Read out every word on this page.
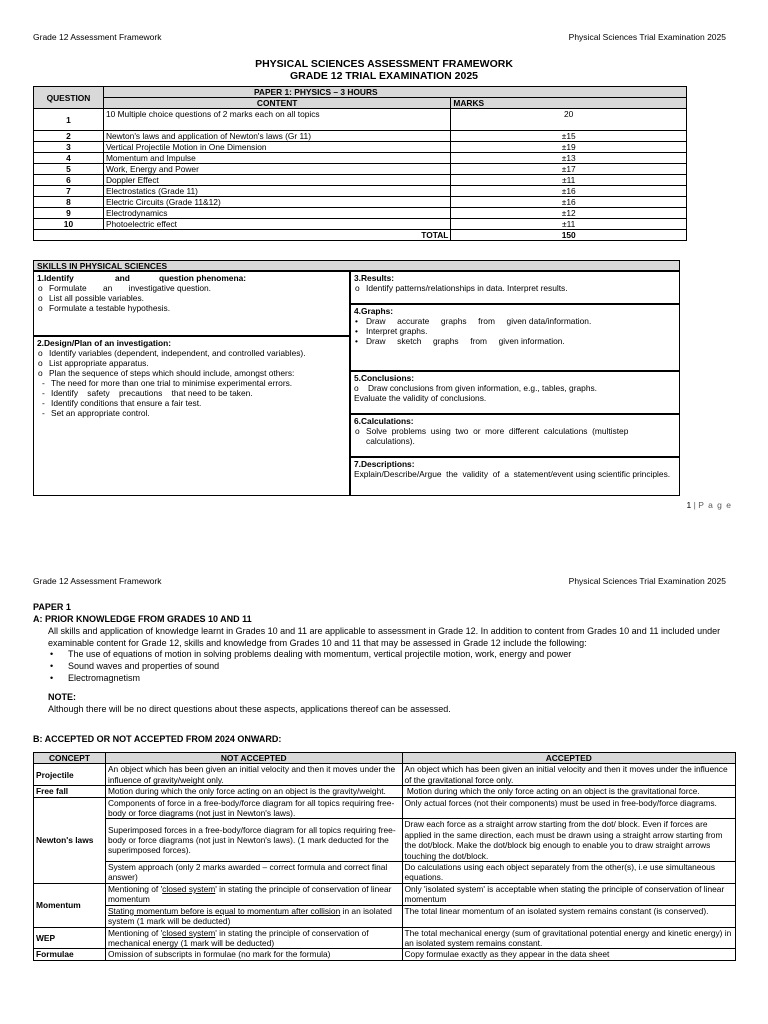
Grade 12 Assessment Framework	Physical Sciences Trial Examination 2025
PHYSICAL SCIENCES ASSESSMENT FRAMEWORK
GRADE 12 TRIAL EXAMINATION 2025
QUESTION	PAPER 1: PHYSICS – 3 HOURS	
	CONTENT	MARKS
1	10 Multiple choice questions of 2 marks each on all topics	20
2	Newton's laws and application of Newton's laws (Gr 11)	±15
3	Vertical Projectile Motion in One Dimension	±19
4	Momentum and Impulse	±13
5	Work, Energy and Power	±17
6	Doppler Effect	±11
7	Electrostatics (Grade 11)	±16
8	Electric Circuits (Grade 11&12)	±16
9	Electrodynamics	±12
10	Photoelectric effect	±11
	TOTAL	150
SKILLS IN PHYSICAL SCIENCES
1.Identify	and	question phenomena:
o Formulate       an       investigative question.
o List all possible variables.
o Formulate a testable hypothesis.
2.Design/Plan of an investigation:
o Identify variables (dependent, independent, and controlled variables).
o List appropriate apparatus.
o Plan the sequence of steps which should include, amongst others:
- The need for more than one trial to minimise experimental errors.
- Identify    safety    precautions    that need to be taken.
- Identify conditions that ensure a fair test.
- Set an appropriate control.
3.Results:
o Identify patterns/relationships in data. Interpret results.
4.Graphs:
• Draw     accurate     graphs     from     given data/information.
• Interpret graphs.
• Draw     sketch     graphs     from     given information.
5.Conclusions:
o    Draw conclusions from given information, e.g., tables, graphs.
Evaluate the validity of conclusions.
6.Calculations:
o Solve  problems  using  two  or  more  different  calculations  (multistep calculations).
7.Descriptions:
Explain/Describe/Argue  the  validity  of  a  statement/event using scientific principles.
1 | P a g e
Grade 12 Assessment Framework	Physical Sciences Trial Examination 2025
PAPER 1
A: PRIOR KNOWLEDGE FROM GRADES 10 AND 11
All skills and application of knowledge learnt in Grades 10 and 11 are applicable to assessment in Grade 12. In addition to content from Grades 10 and 11 included under examinable content for Grade 12, skills and knowledge from Grades 10 and 11 that may be assessed in Grade 12 include the following:
• The use of equations of motion in solving problems dealing with momentum, vertical projectile motion, work, energy and power
• Sound waves and properties of sound
• Electromagnetism
NOTE:
Although there will be no direct questions about these aspects, applications thereof can be assessed.
B: ACCEPTED OR NOT ACCEPTED FROM 2024 ONWARD:
CONCEPT	NOT ACCEPTED	ACCEPTED
Projectile	An object which has been given an initial velocity and then it moves under the influence of gravity/weight only.	An object which has been given an initial velocity and then it moves under the influence of the gravitational force only.
Free fall	Motion during which the only force acting on an object is the gravity/weight.	Motion during which the only force acting on an object is the gravitational force.
Newton's laws	Components of force in a free-body/force diagram for all topics requiring free-body or force diagrams (not just in Newton's laws).	Only actual forces (not their components) must be used in free-body/force diagrams.
	Superimposed forces in a free-body/force diagram for all topics requiring free-body or force diagrams (not just in Newton's laws). (1 mark deducted for the superimposed forces).	Draw each force as a straight arrow starting from the dot/ block. Even if forces are applied in the same direction, each must be drawn using a straight arrow starting from the dot/block. Make the dot/block big enough to enable you to draw straight arrows touching the dot/block.
	System approach (only 2 marks awarded – correct formula and correct final answer)	Do calculations using each object separately from the other(s), i.e use simultaneous equations.
Momentum	Mentioning of 'closed system' in stating the principle of conservation of linear momentum	Only 'isolated system' is acceptable when stating the principle of conservation of linear momentum
	Stating momentum before is equal to momentum after collision in an isolated system (1 mark will be deducted)	The total linear momentum of an isolated system remains constant (is conserved).
WEP	Mentioning of 'closed system' in stating the principle of conservation of mechanical energy (1 mark will be deducted)	The total mechanical energy (sum of gravitational potential energy and kinetic energy) in an isolated system remains constant.
Formulae	Omission of subscripts in formulae (no mark for the formula)	Copy formulae exactly as they appear in the data sheet
